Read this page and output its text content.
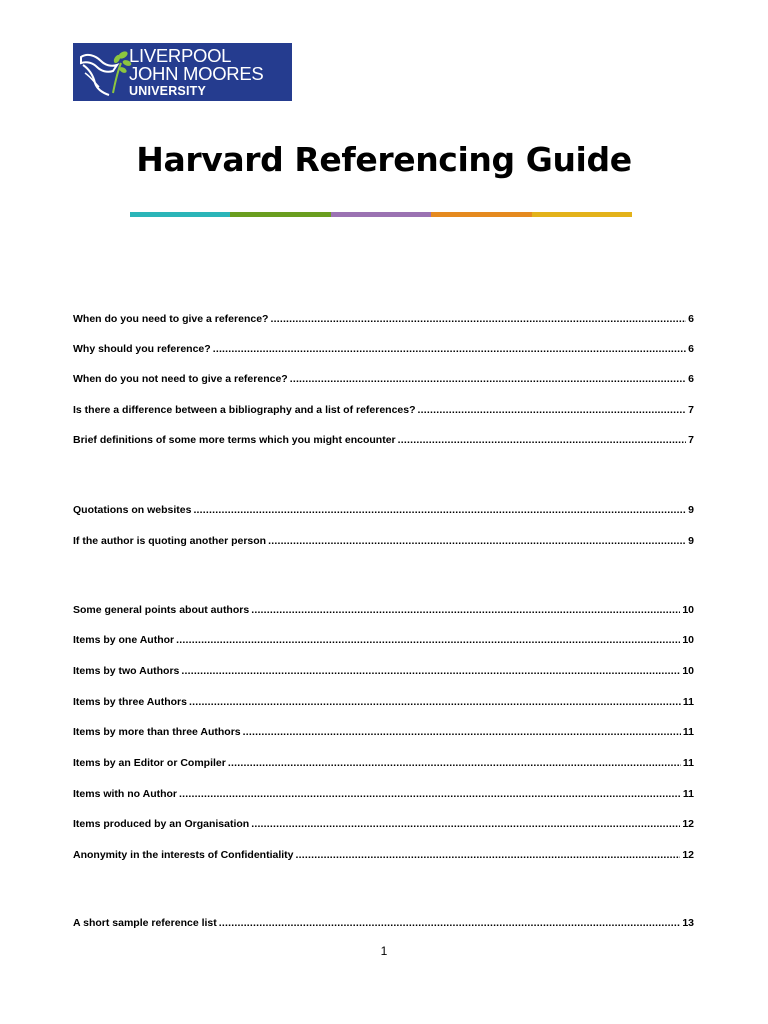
LIVERPOOL
JOHN MOORES
UNIVERSITY
Harvard Referencing Guide
When do you need to give a reference? .....	6
Why should you reference? .....	6
When do you not need to give a reference? .....	6
Is there a difference between a bibliography and a list of references? .....	7
Brief definitions of some more terms which you might encounter .....	7
Quotations on websites .....	9
If the author is quoting another person .....	9
Some general points about authors .....	10
Items by one Author .....	10
Items by two Authors .....	10
Items by three Authors .....	11
Items by more than three Authors .....	11
Items by an Editor or Compiler .....	11
Items with no Author .....	11
Items produced by an Organisation .....	12
Anonymity in the interests of Confidentiality .....	12
A short sample reference list .....	13
1
